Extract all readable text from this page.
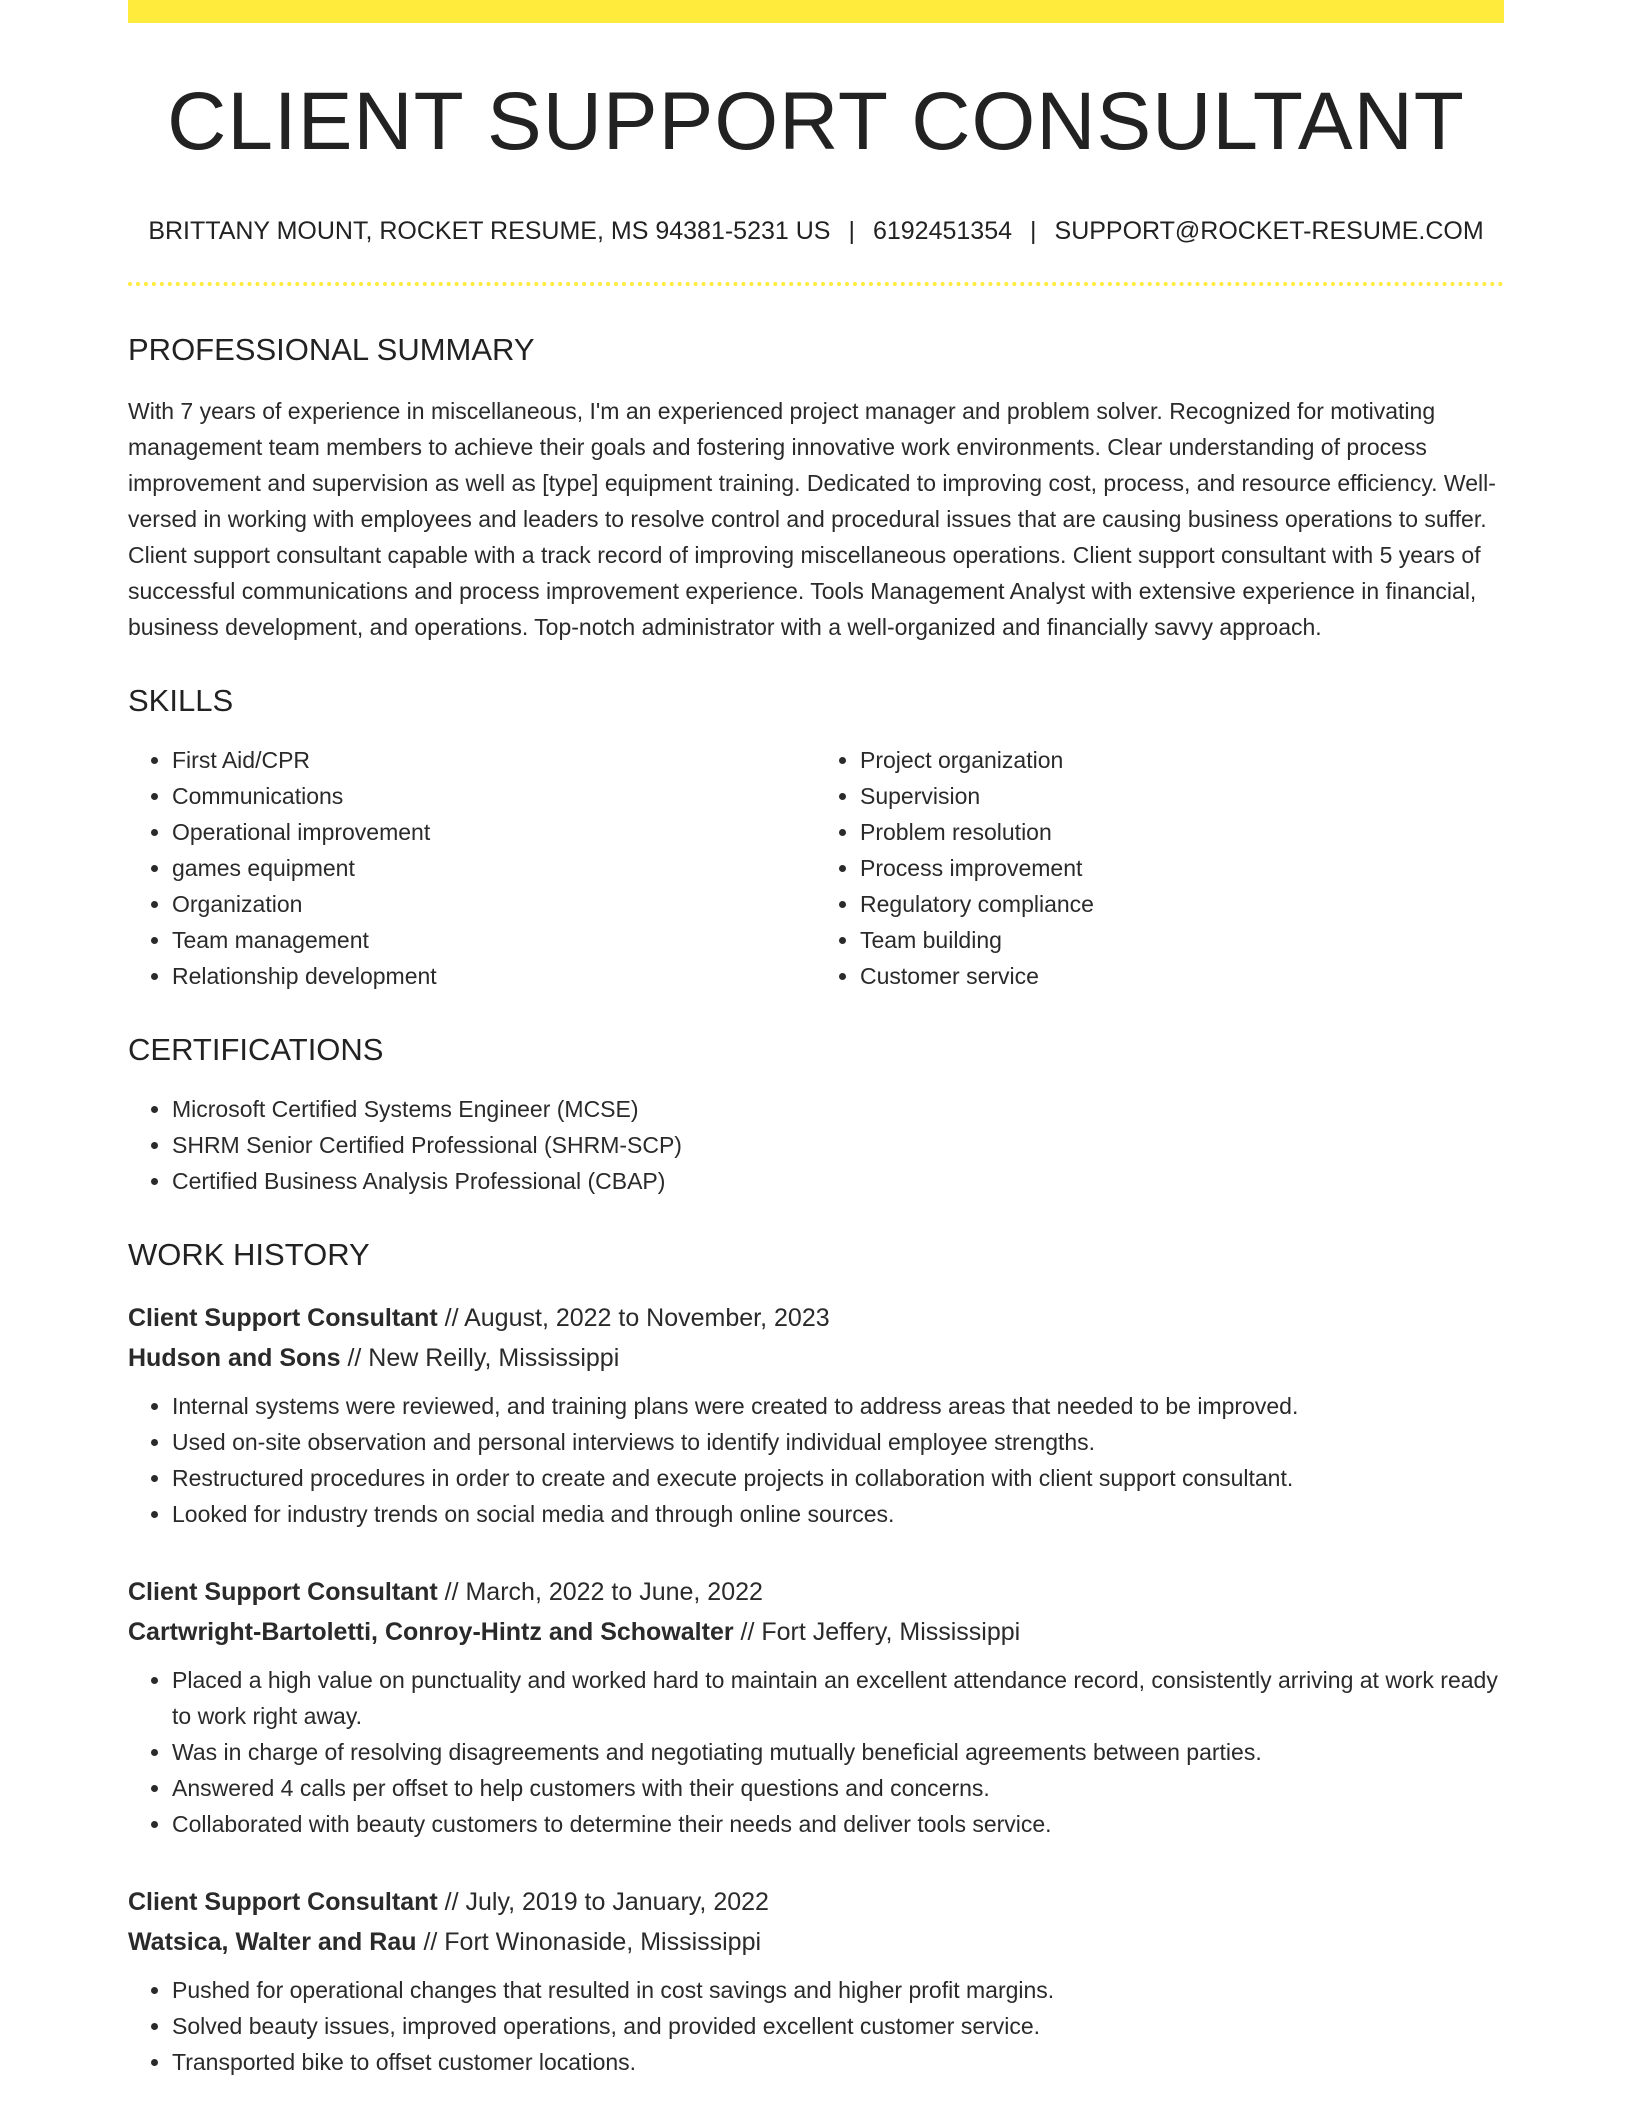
CLIENT SUPPORT CONSULTANT
BRITTANY MOUNT, ROCKET RESUME, MS 94381-5231 US | 6192451354 | SUPPORT@ROCKET-RESUME.COM
PROFESSIONAL SUMMARY

With 7 years of experience in miscellaneous, I'm an experienced project manager and problem solver. Recognized for motivating management team members to achieve their goals and fostering innovative work environments. Clear understanding of process improvement and supervision as well as [type] equipment training. Dedicated to improving cost, process, and resource efficiency. Well-versed in working with employees and leaders to resolve control and procedural issues that are causing business operations to suffer. Client support consultant capable with a track record of improving miscellaneous operations. Client support consultant with 5 years of successful communications and process improvement experience. Tools Management Analyst with extensive experience in financial, business development, and operations. Top-notch administrator with a well-organized and financially savvy approach.

SKILLS
• First Aid/CPR
• Communications
• Operational improvement
• games equipment
• Organization
• Team management
• Relationship development
• Project organization
• Supervision
• Problem resolution
• Process improvement
• Regulatory compliance
• Team building
• Customer service
CERTIFICATIONS
• Microsoft Certified Systems Engineer (MCSE)
• SHRM Senior Certified Professional (SHRM-SCP)
• Certified Business Analysis Professional (CBAP)
WORK HISTORY
Client Support Consultant // August, 2022 to November, 2023
Hudson and Sons // New Reilly, Mississippi
• Internal systems were reviewed, and training plans were created to address areas that needed to be improved.
• Used on-site observation and personal interviews to identify individual employee strengths.
• Restructured procedures in order to create and execute projects in collaboration with client support consultant.
• Looked for industry trends on social media and through online sources.
Client Support Consultant // March, 2022 to June, 2022
Cartwright-Bartoletti, Conroy-Hintz and Schowalter // Fort Jeffery, Mississippi
• Placed a high value on punctuality and worked hard to maintain an excellent attendance record, consistently arriving at work ready to work right away.
• Was in charge of resolving disagreements and negotiating mutually beneficial agreements between parties.
• Answered 4 calls per offset to help customers with their questions and concerns.
• Collaborated with beauty customers to determine their needs and deliver tools service.
Client Support Consultant // July, 2019 to January, 2022
Watsica, Walter and Rau // Fort Winonaside, Mississippi
• Pushed for operational changes that resulted in cost savings and higher profit margins.
• Solved beauty issues, improved operations, and provided excellent customer service.
• Transported bike to offset customer locations.
